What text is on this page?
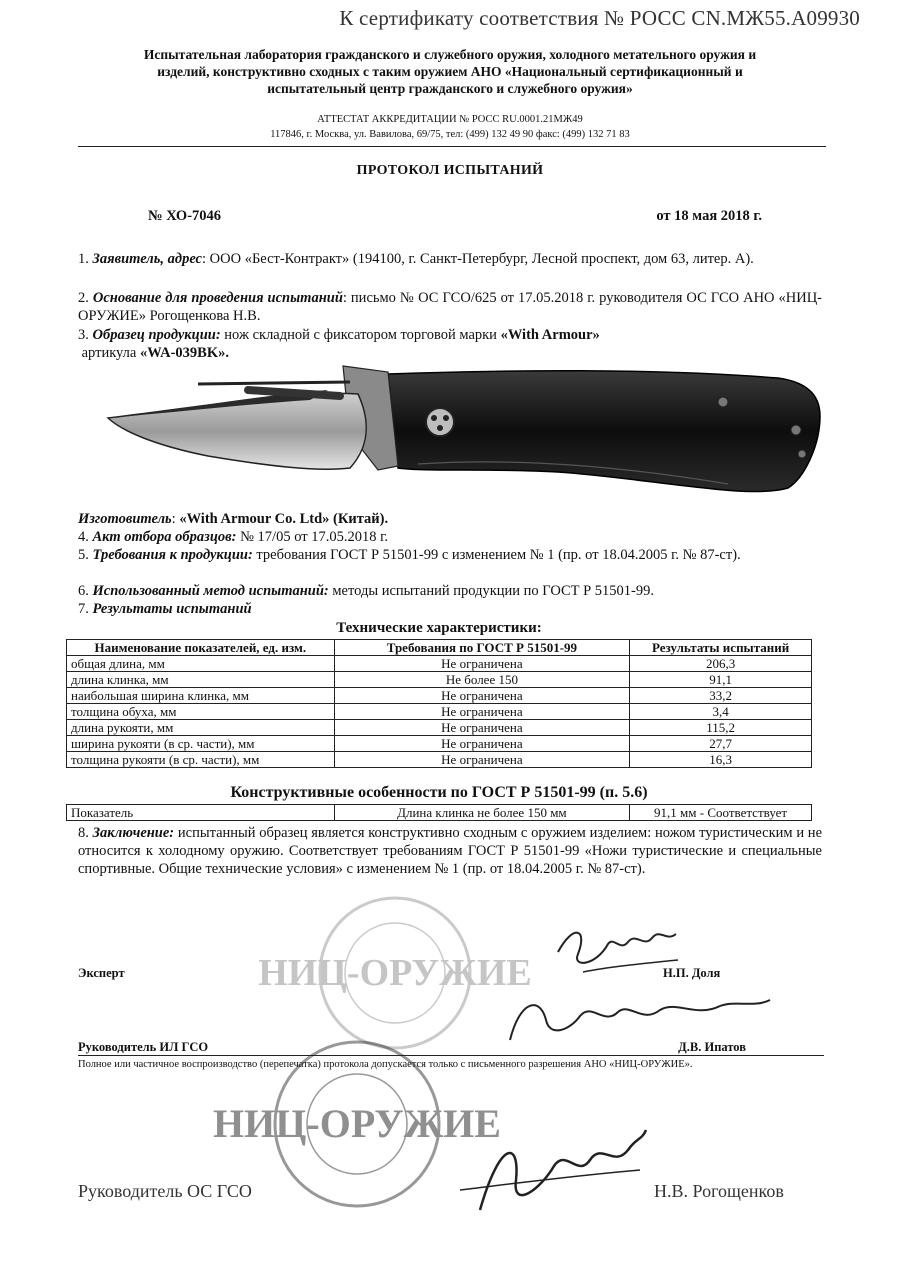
К сертификату соответствия № РОСС CN.МЖ55.А09930
Испытательная лаборатория гражданского и служебного оружия, холодного метательного оружия и
изделий, конструктивно сходных с таким оружием АНО «Национальный сертификационный и
испытательный центр гражданского и служебного оружия»
АТТЕСТАТ АККРЕДИТАЦИИ № РОСС RU.0001.21МЖ49
117846, г. Москва, ул. Вавилова, 69/75, тел: (499) 132 49 90 факс: (499) 132 71 83
ПРОТОКОЛ ИСПЫТАНИЙ
№ ХО-7046	от 18 мая 2018 г.
1. Заявитель, адрес: ООО «Бест-Контракт» (194100, г. Санкт-Петербург, Лесной проспект, дом 63, литер. А).
2. Основание для проведения испытаний: письмо № ОС ГСО/625 от 17.05.2018 г. руководителя ОС ГСО АНО «НИЦ-ОРУЖИЕ» Рогощенкова Н.В.
3. Образец продукции: нож складной с фиксатором торговой марки «With Armour»
артикула «WA-039BK».
Изготовитель: «With Armour Co. Ltd» (Китай).
4. Акт отбора образцов: № 17/05 от 17.05.2018 г.
5. Требования к продукции: требования ГОСТ Р 51501-99 с изменением № 1 (пр. от 18.04.2005 г. № 87-ст).
6. Использованный метод испытаний: методы испытаний продукции по ГОСТ Р 51501-99.
7. Результаты испытаний
Технические характеристики:
Наименование показателей, ед. изм.	Требования по ГОСТ Р 51501-99	Результаты испытаний
общая длина, мм	Не ограничена	206,3
длина клинка, мм	Не более 150	91,1
наибольшая ширина клинка, мм	Не ограничена	33,2
толщина обуха, мм	Не ограничена	3,4
длина рукояти, мм	Не ограничена	115,2
ширина рукояти (в ср. части), мм	Не ограничена	27,7
толщина рукояти (в ср. части), мм	Не ограничена	16,3
Конструктивные особенности по ГОСТ Р 51501-99 (п. 5.6)
Показатель	Длина клинка не более 150 мм	91,1 мм - Соответствует
8. Заключение: испытанный образец является конструктивно сходным с оружием изделием: ножом туристическим и не относится к холодному оружию. Соответствует требованиям ГОСТ Р 51501-99 «Ножи туристические и специальные спортивные. Общие технические условия» с изменением № 1 (пр. от 18.04.2005 г. № 87-ст).
НИЦ-ОРУЖИЕ
НИЦ-ОРУЖИЕ
Эксперт	Н.П. Доля
Руководитель ИЛ ГСО	Д.В. Ипатов
Полное или частичное воспроизводство (перепечатка) протокола допускается только с письменного разрешения АНО «НИЦ-ОРУЖИЕ».
Руководитель ОС ГСО	Н.В. Рогощенков
